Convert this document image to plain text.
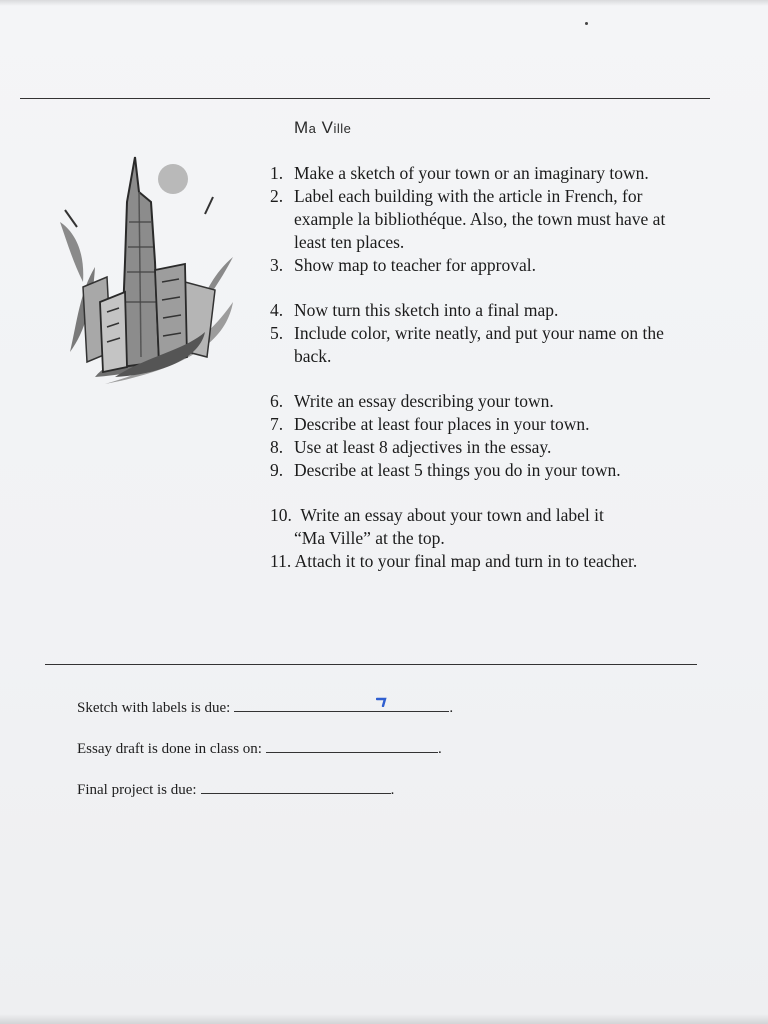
Ma Ville
1. Make a sketch of your town or an imaginary town.
2. Label each building with the article in French, for example la bibliothéque. Also, the town must have at least ten places.
3. Show map to teacher for approval.
4. Now turn this sketch into a final map.
5. Include color, write neatly, and put your name on the back.
6. Write an essay describing your town.
7. Describe at least four places in your town.
8. Use at least 8 adjectives in the essay.
9. Describe at least 5 things you do in your town.
10. Write an essay about your town and label it
“Ma Ville” at the top.
11. Attach it to your final map and turn in to teacher.
Sketch with labels is due:	.
Essay draft is done in class on:	.
Final project is due:	.
